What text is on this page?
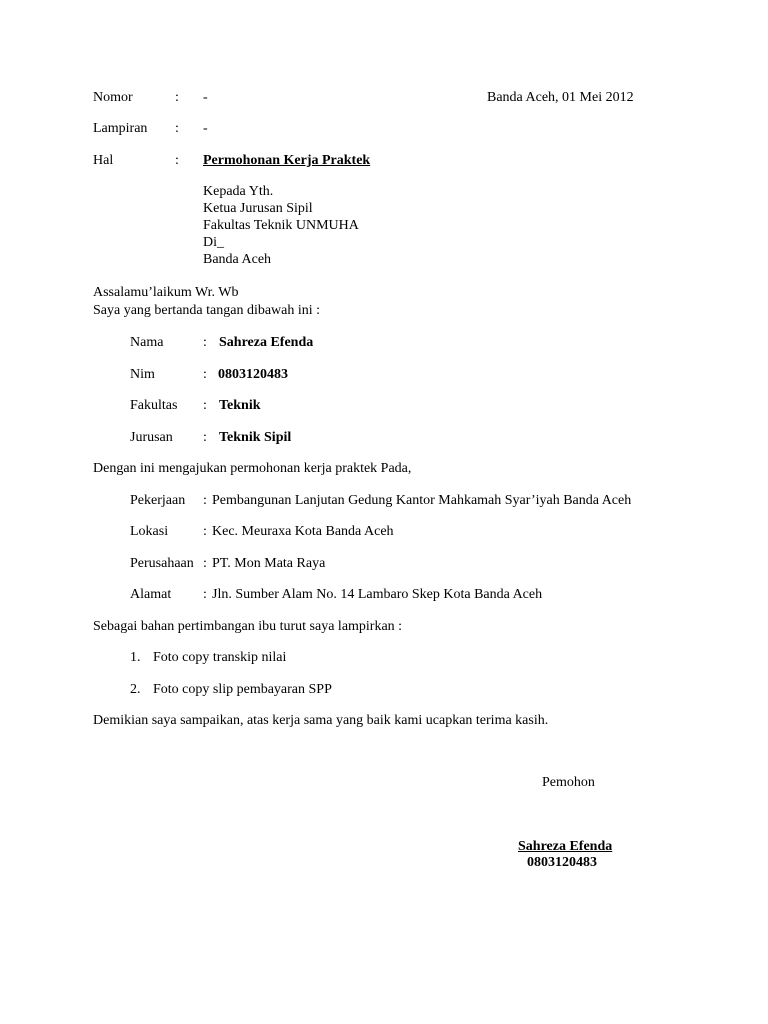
Nomor	: -	Banda Aceh, 01 Mei 2012
Lampiran : -
Hal	: Permohonan Kerja Praktek
Kepada Yth.
Ketua Jurusan Sipil
Fakultas Teknik UNMUHA
Di_
Banda Aceh
Assalamu’laikum Wr. Wb
Saya yang bertanda tangan dibawah ini :
Nama	: Sahreza Efenda
Nim	: 0803120483
Fakultas : Teknik
Jurusan : Teknik Sipil
Dengan ini mengajukan permohonan kerja praktek Pada,
Pekerjaan : Pembangunan Lanjutan Gedung Kantor Mahkamah Syar’iyah Banda Aceh
Lokasi : Kec. Meuraxa Kota Banda Aceh
Perusahaan : PT. Mon Mata Raya
Alamat : Jln. Sumber Alam No. 14 Lambaro Skep Kota Banda Aceh
Sebagai bahan pertimbangan ibu turut saya lampirkan :
1. Foto copy transkip nilai
2. Foto copy slip pembayaran SPP
Demikian saya sampaikan, atas kerja sama yang baik kami ucapkan terima kasih.
Pemohon
Sahreza Efenda
0803120483
